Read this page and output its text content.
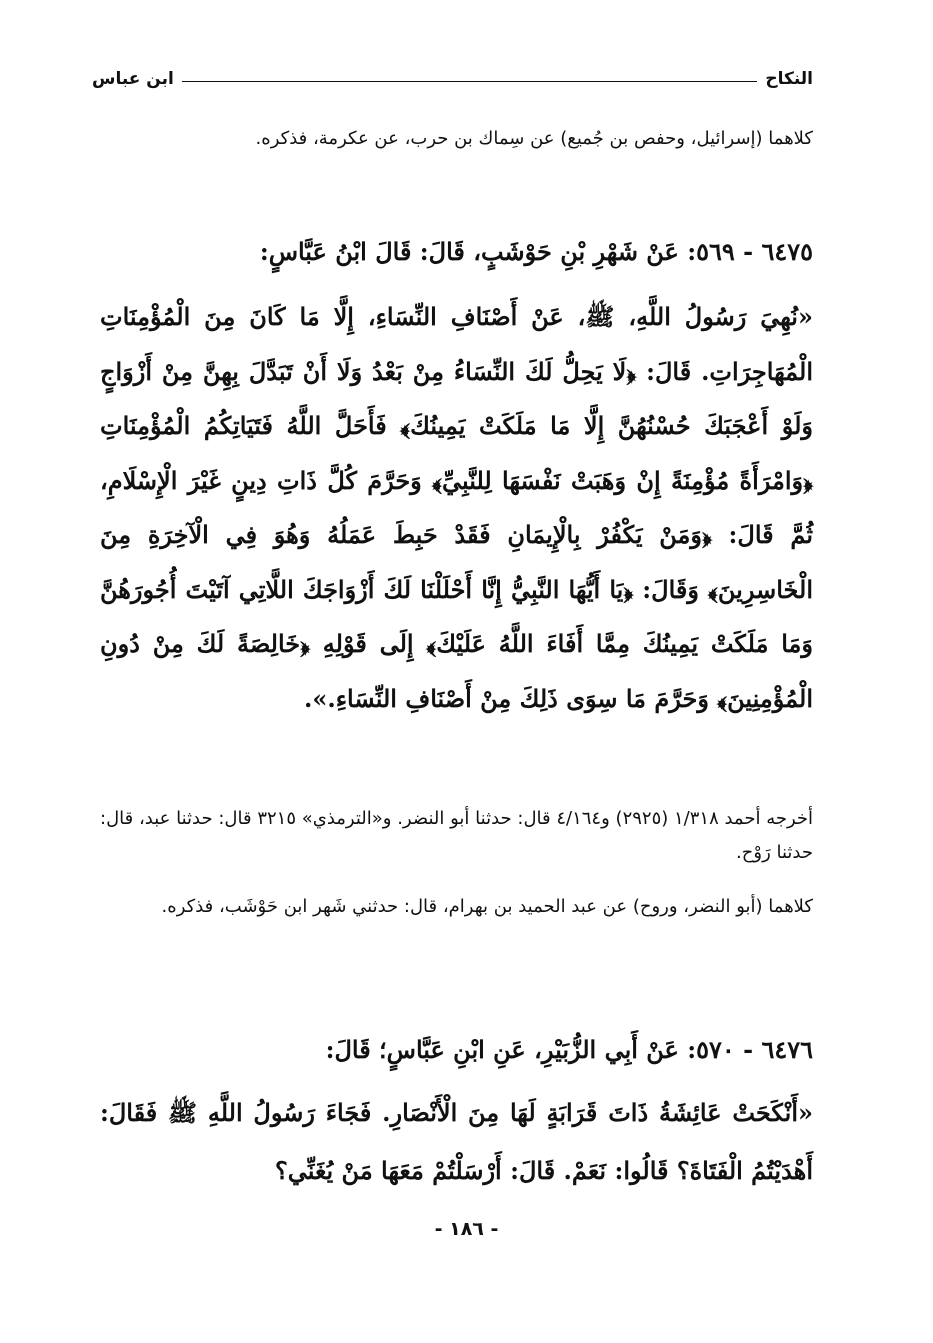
النكاح
ابن عباس
كلاهما (إسرائيل، وحفص بن جُميع) عن سِماك بن حرب، عن عكرمة، فذكره.
٦٤٧٥ - ٥٦٩: عَنْ شَهْرِ بْنِ حَوْشَبٍ، قَالَ: قَالَ ابْنُ عَبَّاسٍ:
«نُهِيَ رَسُولُ اللَّهِ، ﷺ، عَنْ أَصْنَافِ النِّسَاءِ، إِلَّا مَا كَانَ مِنَ الْمُؤْمِنَاتِ الْمُهَاجِرَاتِ. قَالَ: ﴿لَا يَحِلُّ لَكَ النِّسَاءُ مِنْ بَعْدُ وَلَا أَنْ تَبَدَّلَ بِهِنَّ مِنْ أَزْوَاجٍ وَلَوْ أَعْجَبَكَ حُسْنُهُنَّ إِلَّا مَا مَلَكَتْ يَمِينُكَ﴾ فَأَحَلَّ اللَّهُ فَتَيَاتِكُمُ الْمُؤْمِنَاتِ ﴿وَامْرَأَةً مُؤْمِنَةً إِنْ وَهَبَتْ نَفْسَهَا لِلنَّبِيِّ﴾ وَحَرَّمَ كُلَّ ذَاتِ دِينٍ غَيْرَ الْإِسْلَامِ، ثُمَّ قَالَ: ﴿وَمَنْ يَكْفُرْ بِالْإِيمَانِ فَقَدْ حَبِطَ عَمَلُهُ وَهُوَ فِي الْآخِرَةِ مِنَ الْخَاسِرِينَ﴾ وَقَالَ: ﴿يَا أَيُّهَا النَّبِيُّ إِنَّا أَحْلَلْنَا لَكَ أَزْوَاجَكَ اللَّاتِي آتَيْتَ أُجُورَهُنَّ وَمَا مَلَكَتْ يَمِينُكَ مِمَّا أَفَاءَ اللَّهُ عَلَيْكَ﴾ إِلَى قَوْلِهِ ﴿خَالِصَةً لَكَ مِنْ دُونِ الْمُؤْمِنِينَ﴾ وَحَرَّمَ مَا سِوَى ذَلِكَ مِنْ أَصْنَافِ النِّسَاءِ.».
أخرجه أحمد ١/٣١٨ (٢٩٢٥) و٤/١٦٤ قال: حدثنا أبو النضر. و«الترمذي» ٣٢١٥ قال: حدثنا عبد، قال: حدثنا رَوْح.
كلاهما (أبو النضر، وروح) عن عبد الحميد بن بهرام، قال: حدثني شَهر ابن حَوْشَب، فذكره.
٦٤٧٦ - ٥٧٠: عَنْ أَبِي الزُّبَيْرِ، عَنِ ابْنِ عَبَّاسٍ؛ قَالَ:
«أَنْكَحَتْ عَائِشَةُ ذَاتَ قَرَابَةٍ لَهَا مِنَ الْأَنْصَارِ. فَجَاءَ رَسُولُ اللَّهِ ﷺ فَقَالَ: أَهْدَيْتُمُ الْفَتَاةَ؟ قَالُوا: نَعَمْ. قَالَ: أَرْسَلْتُمْ مَعَهَا مَنْ يُغَنِّي؟
- ١٨٦ -
